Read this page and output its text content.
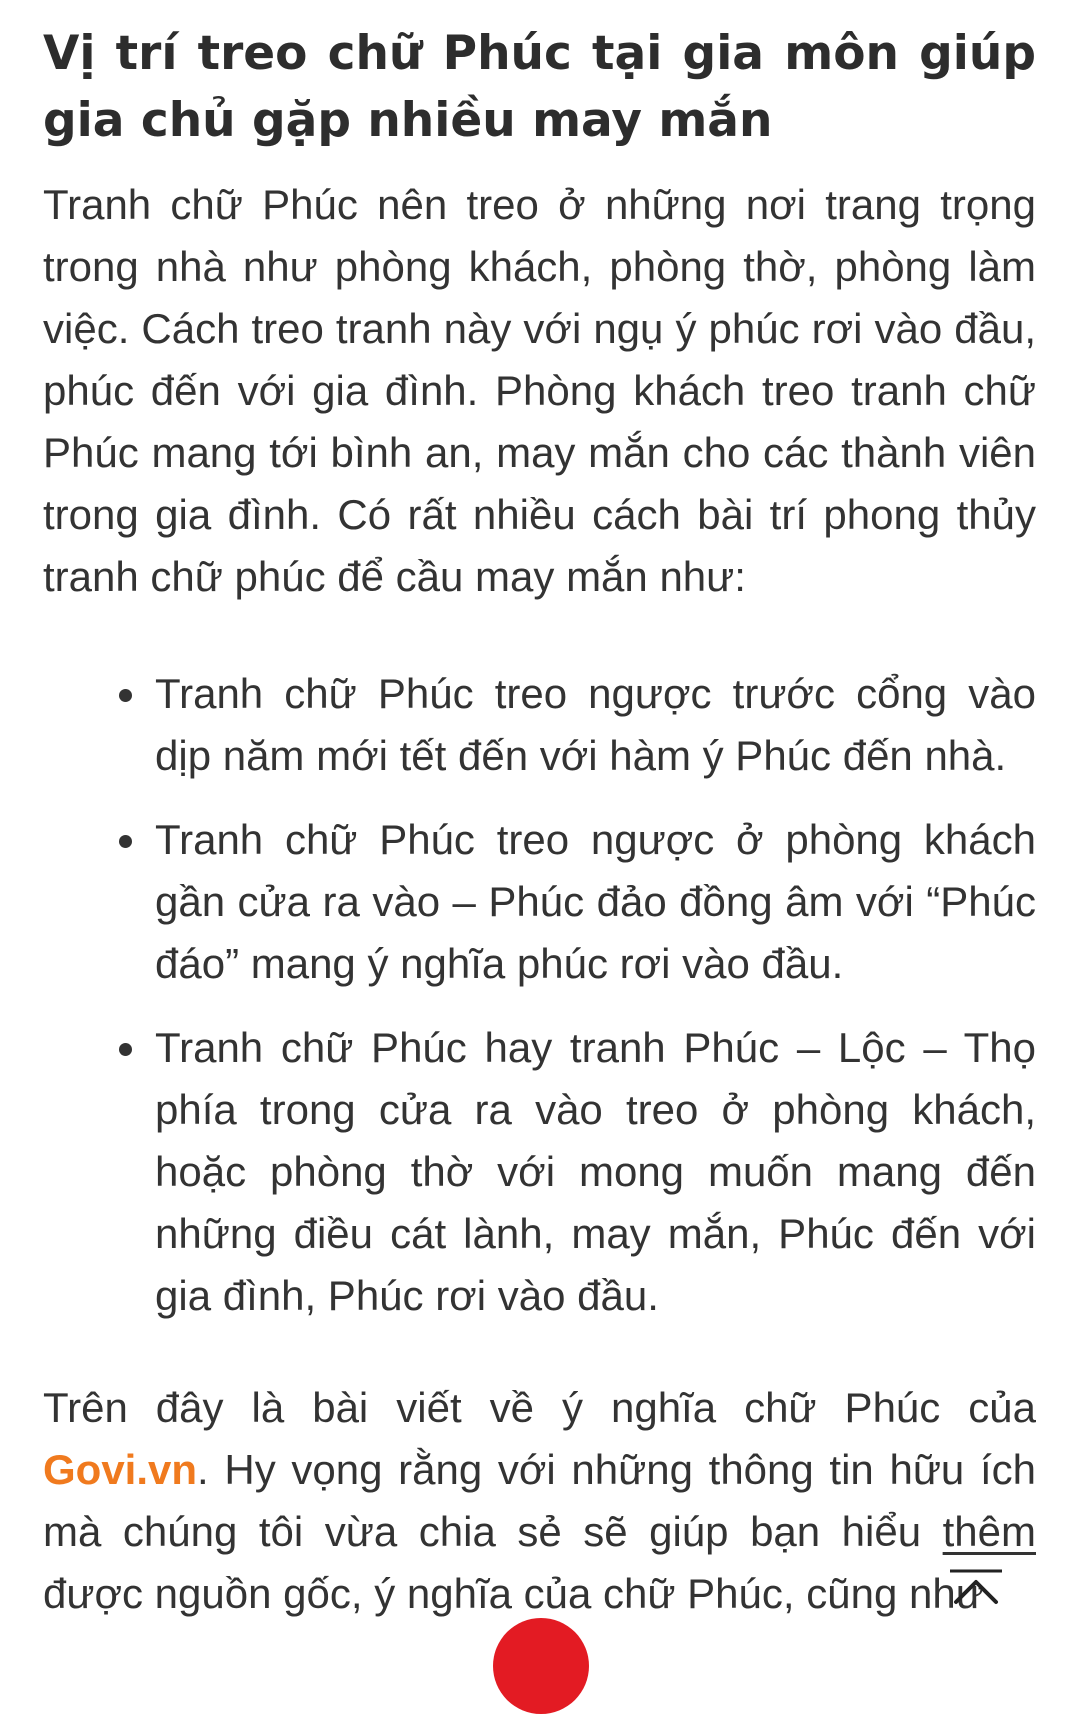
Vị trí treo chữ Phúc tại gia môn giúp gia chủ gặp nhiều may mắn

Tranh chữ Phúc nên treo ở những nơi trang trọng trong nhà như phòng khách, phòng thờ, phòng làm việc. Cách treo tranh này với ngụ ý phúc rơi vào đầu, phúc đến với gia đình. Phòng khách treo tranh chữ Phúc mang tới bình an, may mắn cho các thành viên trong gia đình. Có rất nhiều cách bài trí phong thủy tranh chữ phúc để cầu may mắn như:

Tranh chữ Phúc treo ngược trước cổng vào dịp năm mới tết đến với hàm ý Phúc đến nhà.
Tranh chữ Phúc treo ngược ở phòng khách gần cửa ra vào – Phúc đảo đồng âm với “Phúc đáo” mang ý nghĩa phúc rơi vào đầu.
Tranh chữ Phúc hay tranh Phúc – Lộc – Thọ phía trong cửa ra vào treo ở phòng khách, hoặc phòng thờ với mong muốn mang đến những điều cát lành, may mắn, Phúc đến với gia đình, Phúc rơi vào đầu.

Trên đây là bài viết về ý nghĩa chữ Phúc của Govi.vn. Hy vọng rằng với những thông tin hữu ích mà chúng tôi vừa chia sẻ sẽ giúp bạn hiểu thêm được nguồn gốc, ý nghĩa của chữ Phúc, cũng như
